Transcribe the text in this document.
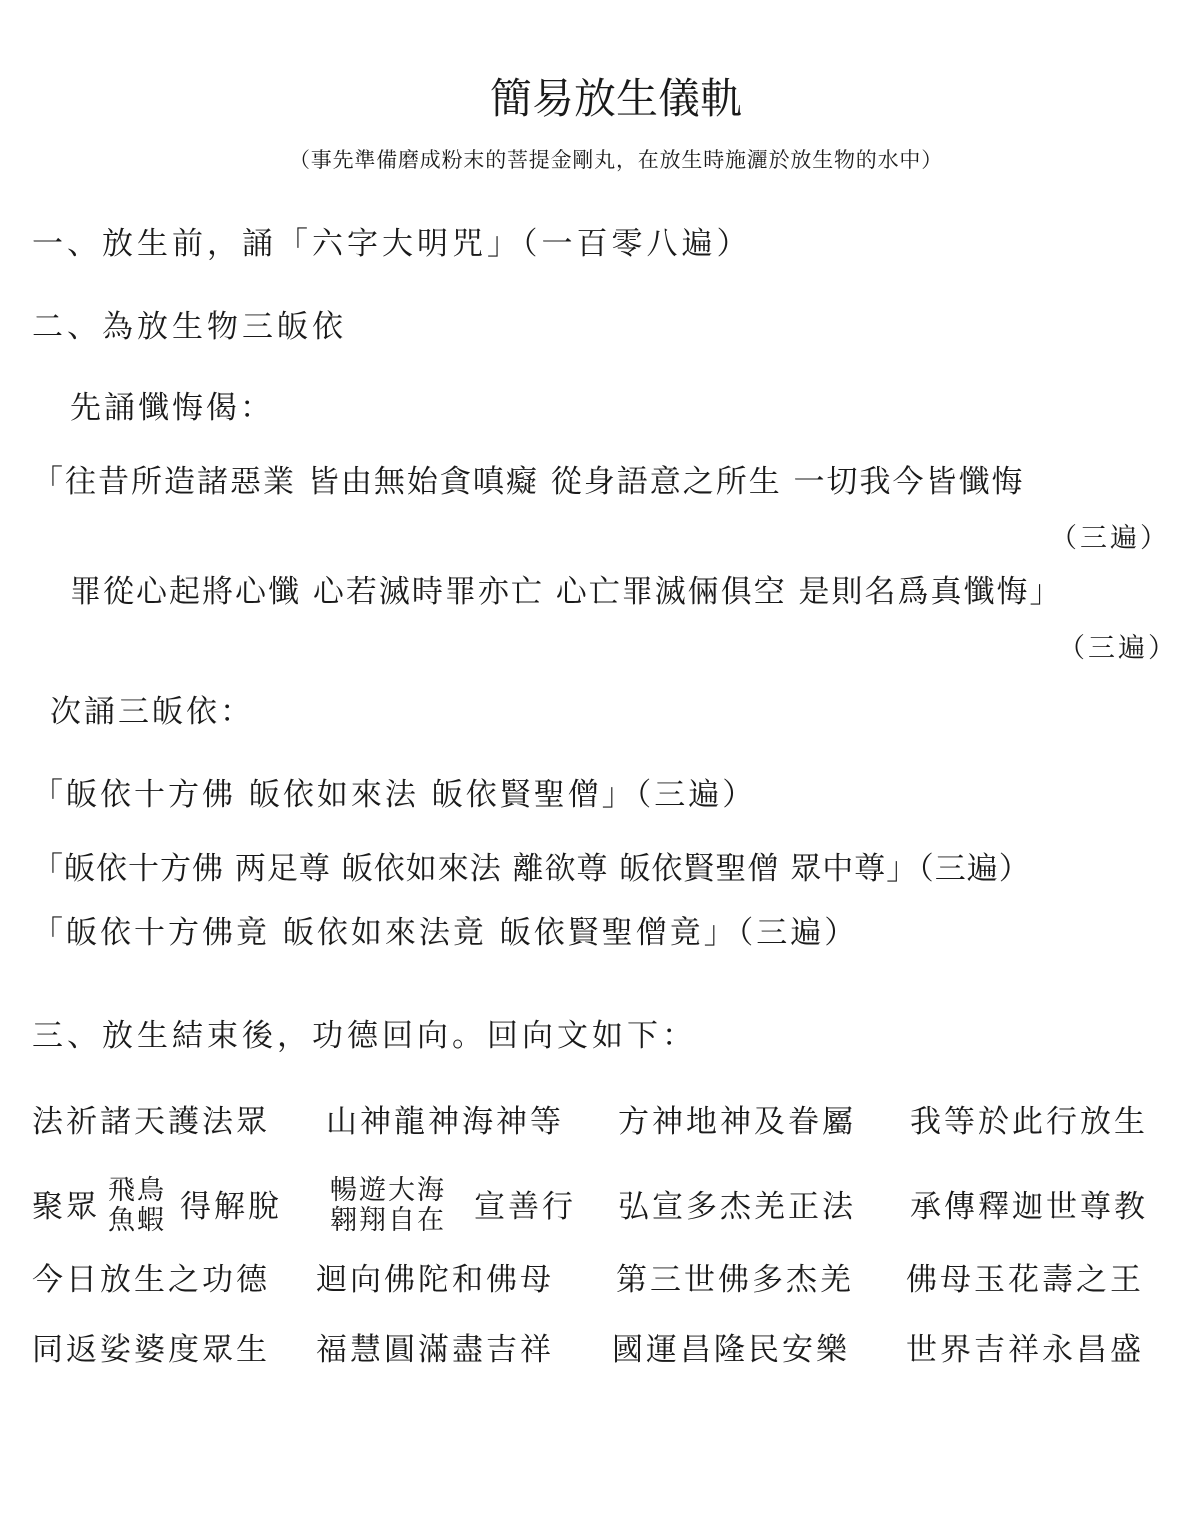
簡易放生儀軌
（事先準備磨成粉末的菩提金剛丸，在放生時施灑於放生物的水中）
一、放生前，誦「六字大明咒」（一百零八遍）
二、為放生物三皈依
先誦懺悔偈：
「往昔所造諸惡業 皆由無始貪嗔癡 從身語意之所生 一切我今皆懺悔
（三遍）
罪從心起將心懺 心若滅時罪亦亡 心亡罪滅倆俱空 是則名爲真懺悔」
（三遍）
次誦三皈依：
「皈依十方佛 皈依如來法 皈依賢聖僧」（三遍）
「皈依十方佛 两足尊 皈依如來法 離欲尊 皈依賢聖僧 眾中尊」（三遍）
「皈依十方佛竟 皈依如來法竟 皈依賢聖僧竟」（三遍）
三、放生結束後，功德回向。回向文如下：
法祈諸天護法眾 山神龍神海神等 方神地神及眷屬 我等於此行放生
聚眾 飛鳥
魚蝦 得解脫 暢遊大海
翱翔自在 宣善行 弘宣多杰羌正法 承傳釋迦世尊教
今日放生之功德 迴向佛陀和佛母 第三世佛多杰羌 佛母玉花壽之王
同返娑婆度眾生 福慧圓滿盡吉祥 國運昌隆民安樂 世界吉祥永昌盛
